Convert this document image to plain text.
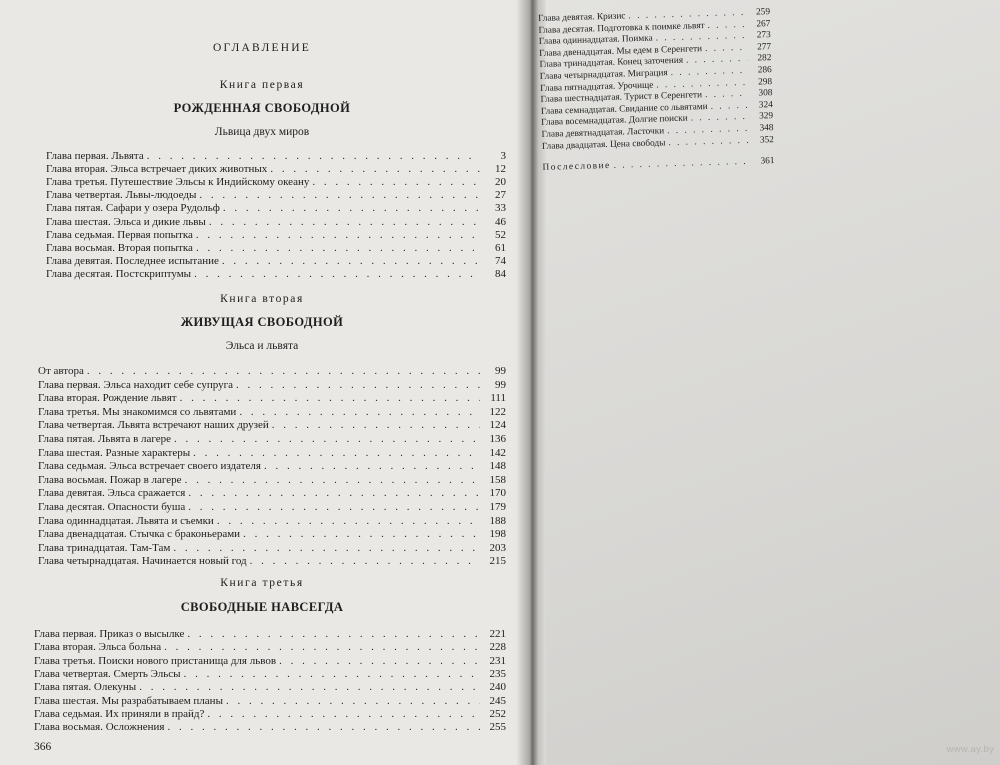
ОГЛАВЛЕНИЕ
Книга первая
РОЖДЕННАЯ СВОБОДНОЙ
Львица двух миров
Книга вторая
ЖИВУЩАЯ СВОБОДНОЙ
Эльса и львята
Книга третья
СВОБОДНЫЕ НАВСЕГДА
Глава первая. Львята . . .	3
Глава вторая. Эльса встречает диких животных . . .	12
Глава третья. Путешествие Эльсы к Индийскому океану . . .	20
Глава четвертая. Львы-людоеды . . .	27
Глава пятая. Сафари у озера Рудольф . . .	33
Глава шестая. Эльса и дикие львы . . .	46
Глава седьмая. Первая попытка . . .	52
Глава восьмая. Вторая попытка . . .	61
Глава девятая. Последнее испытание . . .	74
Глава десятая. Постскриптумы . . .	84
От автора . . .	99
Глава первая. Эльса находит себе супруга . . .	99
Глава вторая. Рождение львят . . .	111
Глава третья. Мы знакомимся со львятами . . .	122
Глава четвертая. Львята встречают наших друзей . . .	124
Глава пятая. Львята в лагере . . .	136
Глава шестая. Разные характеры . . .	142
Глава седьмая. Эльса встречает своего издателя . . .	148
Глава восьмая. Пожар в лагере . . .	158
Глава девятая. Эльса сражается . . .	170
Глава десятая. Опасности буша . . .	179
Глава одиннадцатая. Львята и съемки . . .	188
Глава двенадцатая. Стычка с браконьерами . . .	198
Глава тринадцатая. Там-Там . . .	203
Глава четырнадцатая. Начинается новый год . . .	215
Глава первая. Приказ о высылке . . .	221
Глава вторая. Эльса больна . . .	228
Глава третья. Поиски нового пристанища для львов . . .	231
Глава четвертая. Смерть Эльсы . . .	235
Глава пятая. Олекуны . . .	240
Глава шестая. Мы разрабатываем планы . . .	245
Глава седьмая. Их приняли в прайд? . . .	252
Глава восьмая. Осложнения . . .	255
Глава девятая. Кризис . . .	259
Глава десятая. Подготовка к поимке львят . . .	267
Глава одиннадцатая. Поимка . . .	273
Глава двенадцатая. Мы едем в Серенгети . . .	277
Глава тринадцатая. Конец заточения . . .	282
Глава четырнадцатая. Миграция . . .	286
Глава пятнадцатая. Урочище . . .	298
Глава шестнадцатая. Турист в Серенгети . . .	308
Глава семнадцатая. Свидание со львятами . . .	324
Глава восемнадцатая. Долгие поиски . . .	329
Глава девятнадцатая. Ласточки . . .	348
Глава двадцатая. Цена свободы . . .	352
Послесловие . . .	361
366	www.ay.by
